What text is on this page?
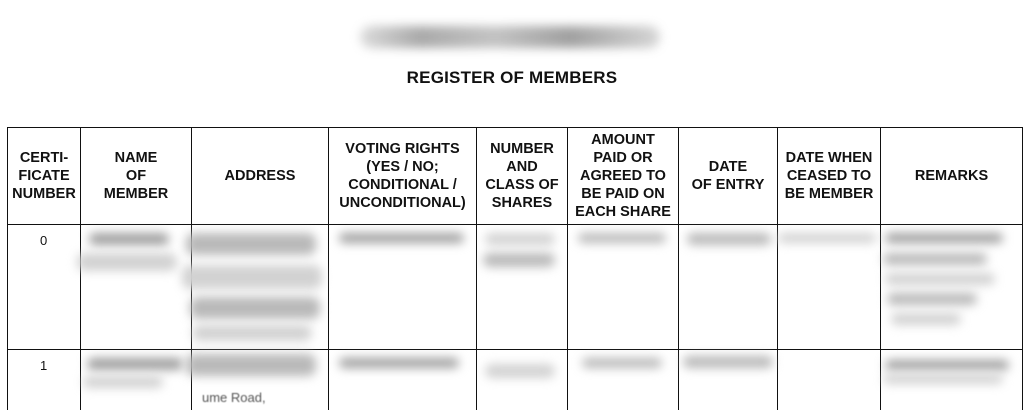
REGISTER OF MEMBERS
CERTI-
FICATE
NUMBER	NAME
OF
MEMBER	ADDRESS	VOTING RIGHTS
(YES / NO;
CONDITIONAL /
UNCONDITIONAL)	NUMBER
AND
CLASS OF
SHARES	AMOUNT
PAID OR
AGREED TO
BE PAID ON
EACH SHARE	DATE
OF ENTRY	DATE WHEN
CEASED TO
BE MEMBER	REMARKS

0								

1		ume Road,						
